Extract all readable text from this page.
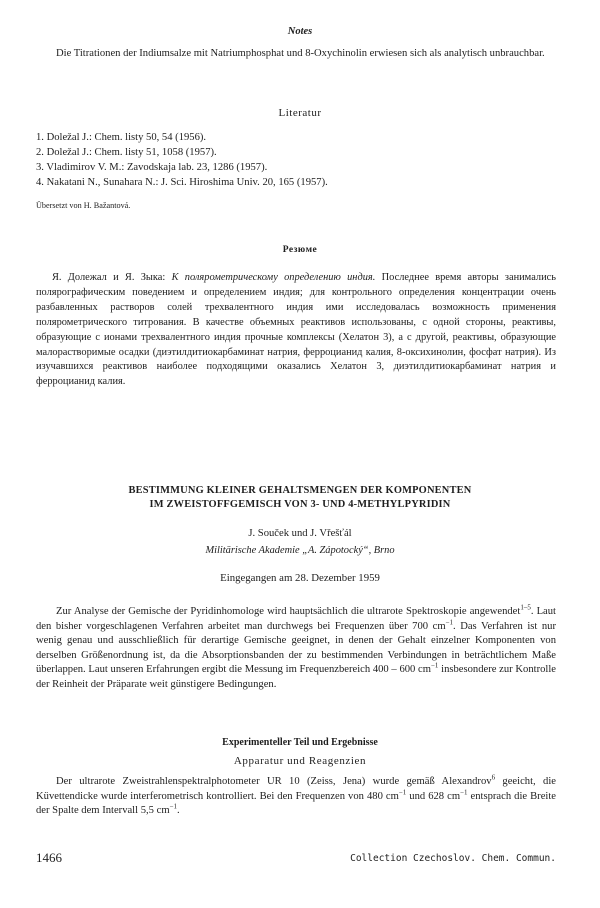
Notes
Die Titrationen der Indiumsalze mit Natriumphosphat und 8-Oxychinolin erwiesen sich als analytisch unbrauchbar.
Literatur
1. Doležal J.: Chem. listy 50, 54 (1956).
2. Doležal J.: Chem. listy 51, 1058 (1957).
3. Vladimirov V. M.: Zavodskaja lab. 23, 1286 (1957).
4. Nakatani N., Sunahara N.: J. Sci. Hiroshima Univ. 20, 165 (1957).
Übersetzt von H. Bažantová.
Резюме
Я. Долежал и Я. Зыка: К полярометрическому определению индия. Последнее время авторы занимались полярографическим поведением и определением индия; для контрольного определения концентрации очень разбавленных растворов солей трехвалентного индия ими исследовалась возможность применения полярометрического титрования. В качестве объемных реактивов использованы, с одной стороны, реактивы, образующие с ионами трехвалентного индия прочные комплексы (Хелатон 3), а с другой, реактивы, образующие малорастворимые осадки (диэтилдитиокарбаминат натрия, ферроцианид калия, 8-оксихинолин, фосфат натрия). Из изучавшихся реактивов наиболее подходящими оказались Хелатон 3, диэтилдитиокарбаминат натрия и ферроцианид калия.
BESTIMMUNG KLEINER GEHALTSMENGEN DER KOMPONENTEN
IM ZWEISTOFFGEMISCH VON 3- UND 4-METHYLPYRIDIN
J. Souček und J. Vřešťál
Militärische Akademie „A. Zápotocký“, Brno
Eingegangen am 28. Dezember 1959
Zur Analyse der Gemische der Pyridinhomologe wird hauptsächlich die ultrarote Spektroskopie angewendet$^{1-5}$. Laut den bisher vorgeschlagenen Verfahren arbeitet man durchwegs bei Frequenzen über 700 $cm^{-1}$. Das Verfahren ist nur wenig genau und ausschließlich für derartige Gemische geeignet, in denen der Gehalt einzelner Komponenten von derselben Größenordnung ist, da die Absorptionsbanden der zu bestimmenden Verbindungen in beträchtlichem Maße überlappen. Laut unseren Erfahrungen ergibt die Messung im Frequenzbereich 400 – 600 $cm^{-1}$ insbesondere zur Kontrolle der Reinheit der Präparate weit günstigere Bedingungen.
Experimenteller Teil und Ergebnisse
Apparatur und Reagenzien
Der ultrarote Zweistrahlenspektralphotometer UR 10 (Zeiss, Jena) wurde gemäß Alexandrov$^6$ geeicht, die Küvettendicke wurde interferometrisch kontrolliert. Bei den Frequenzen von 480 $cm^{-1}$ und 628 $cm^{-1}$ entsprach die Breite der Spalte dem Intervall 5,5 $cm^{-1}$.
1466	Collection Czechoslov. Chem. Commun.
